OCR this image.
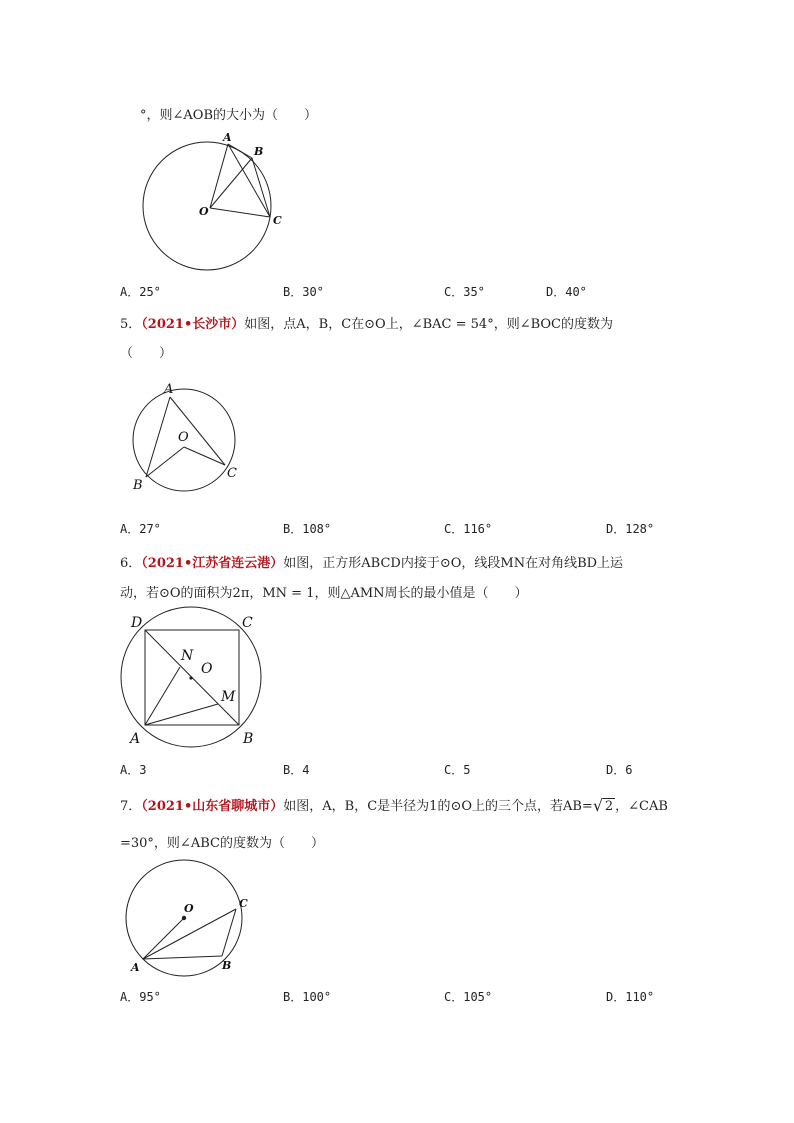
°，则∠AOB的大小为（　　）
A
B
O
C
A．25°	B．30°	C．35°	D．40°
5．（2021•长沙市）如图，点A，B，C在⊙O上，∠BAC = 54°，则∠BOC的度数为
（　　）
A
O
B
C
A．27°	B．108°	C．116°	D．128°
6．（2021•江苏省连云港）如图，正方形ABCD内接于⊙O，线段MN在对角线BD上运
动，若⊙O的面积为2π，MN = 1，则△AMN周长的最小值是（　　）
D	C
N
O
M
A	B
A．3	B．4	C．5	D．6
7．（2021•山东省聊城市）如图，A，B，C是半径为1的⊙O上的三个点，若AB= √ 2 ，∠CAB
=30°，则∠ABC的度数为（　　）
O	C
A	B
A．95°	B．100°	C．105°	D．110°
